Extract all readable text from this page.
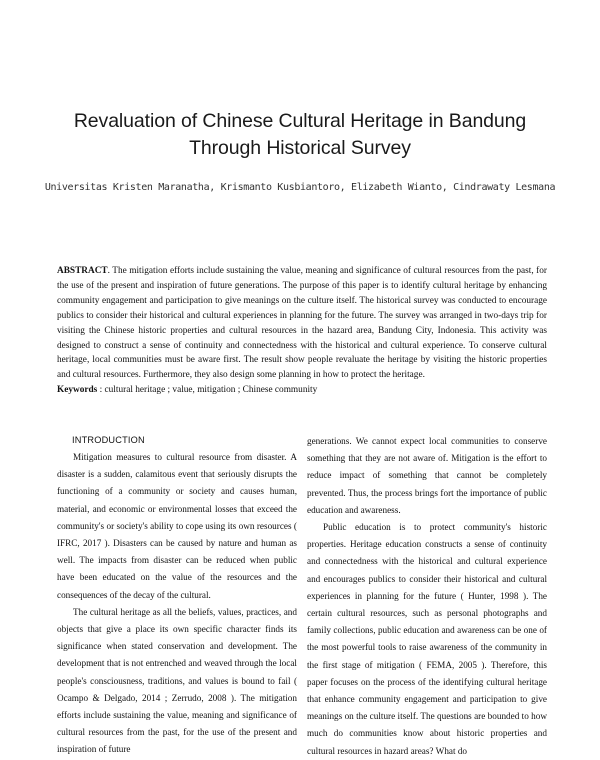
Revaluation of Chinese Cultural Heritage in Bandung Through Historical Survey
Universitas Kristen Maranatha, Krismanto Kusbiantoro, Elizabeth Wianto, Cindrawaty Lesmana
ABSTRACT. The mitigation efforts include sustaining the value, meaning and significance of cultural resources from the past, for the use of the present and inspiration of future generations. The purpose of this paper is to identify cultural heritage by enhancing community engagement and participation to give meanings on the culture itself. The historical survey was conducted to encourage publics to consider their historical and cultural experiences in planning for the future. The survey was arranged in two-days trip for visiting the Chinese historic properties and cultural resources in the hazard area, Bandung City, Indonesia. This activity was designed to construct a sense of continuity and connectedness with the historical and cultural experience. To conserve cultural heritage, local communities must be aware first. The result show people revaluate the heritage by visiting the historic properties and cultural resources. Furthermore, they also design some planning in how to protect the heritage.
Keywords : cultural heritage ; value, mitigation ; Chinese community
INTRODUCTION

Mitigation measures to cultural resource from disaster. A disaster is a sudden, calamitous event that seriously disrupts the functioning of a community or society and causes human, material, and economic or environmental losses that exceed the community's or society's ability to cope using its own resources ( IFRC, 2017 ). Disasters can be caused by nature and human as well. The impacts from disaster can be reduced when public have been educated on the value of the resources and the consequences of the decay of the cultural.

The cultural heritage as all the beliefs, values, practices, and objects that give a place its own specific character finds its significance when stated conservation and development. The development that is not entrenched and weaved through the local people's consciousness, traditions, and values is bound to fail ( Ocampo & Delgado, 2014 ; Zerrudo, 2008 ). The mitigation efforts include sustaining the value, meaning and significance of cultural resources from the past, for the use of the present and inspiration of future

generations. We cannot expect local communities to conserve something that they are not aware of. Mitigation is the effort to reduce impact of something that cannot be completely prevented. Thus, the process brings fort the importance of public education and awareness.

Public education is to protect community's historic properties. Heritage education constructs a sense of continuity and connectedness with the historical and cultural experience and encourages publics to consider their historical and cultural experiences in planning for the future ( Hunter, 1998 ). The certain cultural resources, such as personal photographs and family collections, public education and awareness can be one of the most powerful tools to raise awareness of the community in the first stage of mitigation ( FEMA, 2005 ). Therefore, this paper focuses on the process of the identifying cultural heritage that enhance community engagement and participation to give meanings on the culture itself. The questions are bounded to how much do communities know about historic properties and cultural resources in hazard areas? What do
